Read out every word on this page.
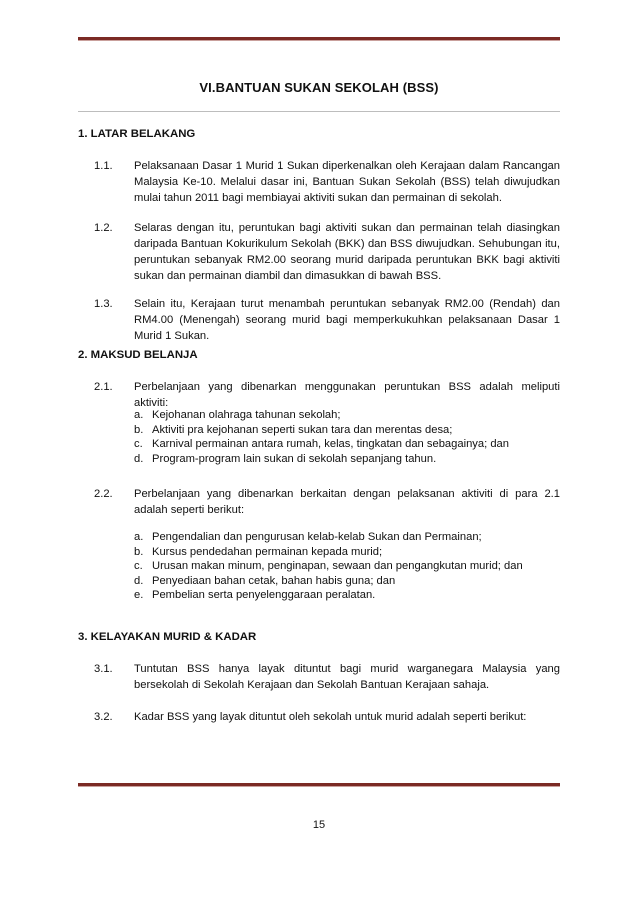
VI.BANTUAN SUKAN SEKOLAH (BSS)
1. LATAR BELAKANG
1.1.	Pelaksanaan Dasar 1 Murid 1 Sukan diperkenalkan oleh Kerajaan dalam Rancangan Malaysia Ke-10. Melalui dasar ini, Bantuan Sukan Sekolah (BSS) telah diwujudkan mulai tahun 2011 bagi membiayai aktiviti sukan dan permainan di sekolah.
1.2.	Selaras dengan itu, peruntukan bagi aktiviti sukan dan permainan telah diasingkan daripada Bantuan Kokurikulum Sekolah (BKK) dan BSS diwujudkan. Sehubungan itu, peruntukan sebanyak RM2.00 seorang murid daripada peruntukan BKK bagi aktiviti sukan dan permainan diambil dan dimasukkan di bawah BSS.
1.3.	Selain itu, Kerajaan turut menambah peruntukan sebanyak RM2.00 (Rendah) dan RM4.00 (Menengah) seorang murid bagi memperkukuhkan pelaksanaan Dasar 1 Murid 1 Sukan.
2. MAKSUD BELANJA
2.1.	Perbelanjaan yang dibenarkan menggunakan peruntukan BSS adalah meliputi aktiviti:
a. Kejohanan olahraga tahunan sekolah;
b. Aktiviti pra kejohanan seperti sukan tara dan merentas desa;
c. Karnival permainan antara rumah, kelas, tingkatan dan sebagainya; dan
d. Program-program lain sukan di sekolah sepanjang tahun.
2.2.	Perbelanjaan yang dibenarkan berkaitan dengan pelaksanan aktiviti di para 2.1 adalah seperti berikut:
a. Pengendalian dan pengurusan kelab-kelab Sukan dan Permainan;
b. Kursus pendedahan permainan kepada murid;
c. Urusan makan minum, penginapan, sewaan dan pengangkutan murid; dan
d. Penyediaan bahan cetak, bahan habis guna; dan
e. Pembelian serta penyelenggaraan peralatan.
3. KELAYAKAN MURID & KADAR
3.1.	Tuntutan BSS hanya layak dituntut bagi murid warganegara Malaysia yang bersekolah di Sekolah Kerajaan dan Sekolah Bantuan Kerajaan sahaja.
3.2.	Kadar BSS yang layak dituntut oleh sekolah untuk murid adalah seperti berikut:
15
